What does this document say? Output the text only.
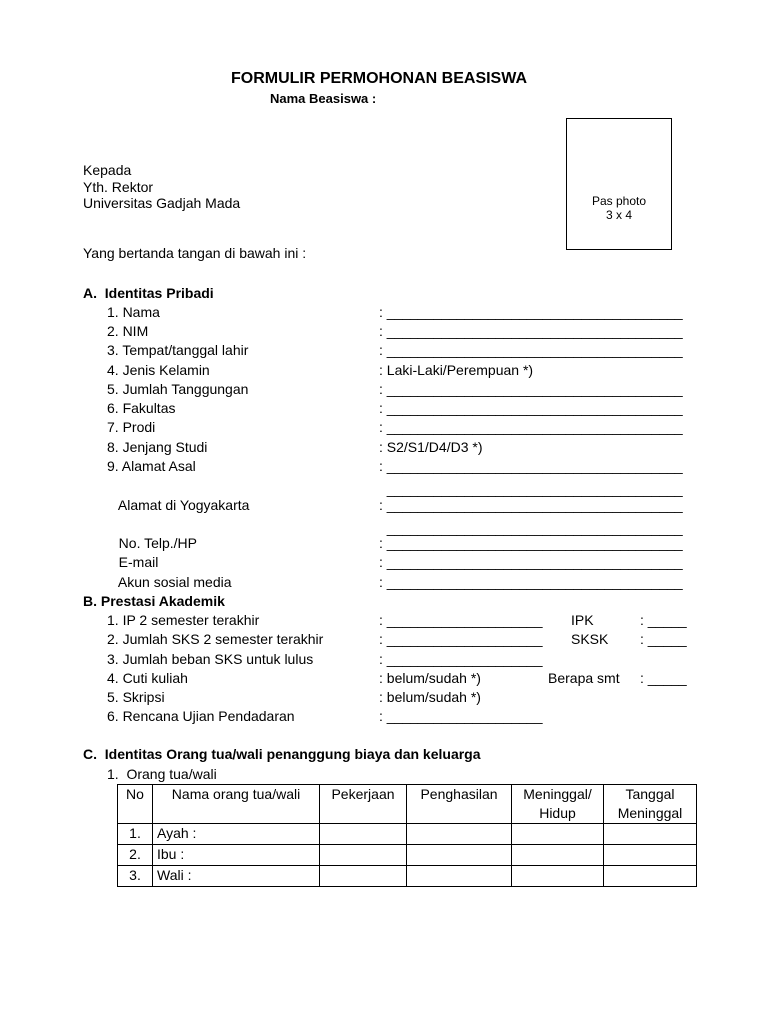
FORMULIR PERMOHONAN BEASISWA
Nama Beasiswa :
Pas photo
3 x 4
Kepada
Yth. Rektor
Universitas Gadjah Mada
Yang bertanda tangan di bawah ini :
A.  Identitas Pribadi
1. Nama	: ______________________________________
2. NIM	: ______________________________________
3. Tempat/tanggal lahir	: ______________________________________
4. Jenis Kelamin	: Laki-Laki/Perempuan *)
5. Jumlah Tanggungan	: ______________________________________
6. Fakultas	: ______________________________________
7. Prodi	: ______________________________________
8. Jenjang Studi	: S2/S1/D4/D3 *)
9. Alamat Asal	: ______________________________________
______________________________________
Alamat di Yogyakarta	: ______________________________________
______________________________________
No. Telp./HP	: ______________________________________
E-mail	: ______________________________________
Akun sosial media	: ______________________________________
B. Prestasi Akademik
1. IP 2 semester terakhir	: ____________________ IPK	: _____
2. Jumlah SKS 2 semester terakhir	: ____________________ SKSK : _____
3. Jumlah beban SKS untuk lulus	: ____________________
4. Cuti kuliah	: belum/sudah *)	Berapa smt : _____
5. Skripsi	: belum/sudah *)
6. Rencana Ujian Pendadaran	: ____________________
C.  Identitas Orang tua/wali penanggung biaya dan keluarga
1.  Orang tua/wali
No	Nama orang tua/wali	Pekerjaan	Penghasilan	Meninggal/ Hidup	Tanggal Meninggal
1.	Ayah :				
2.	Ibu :				
3.	Wali :				
